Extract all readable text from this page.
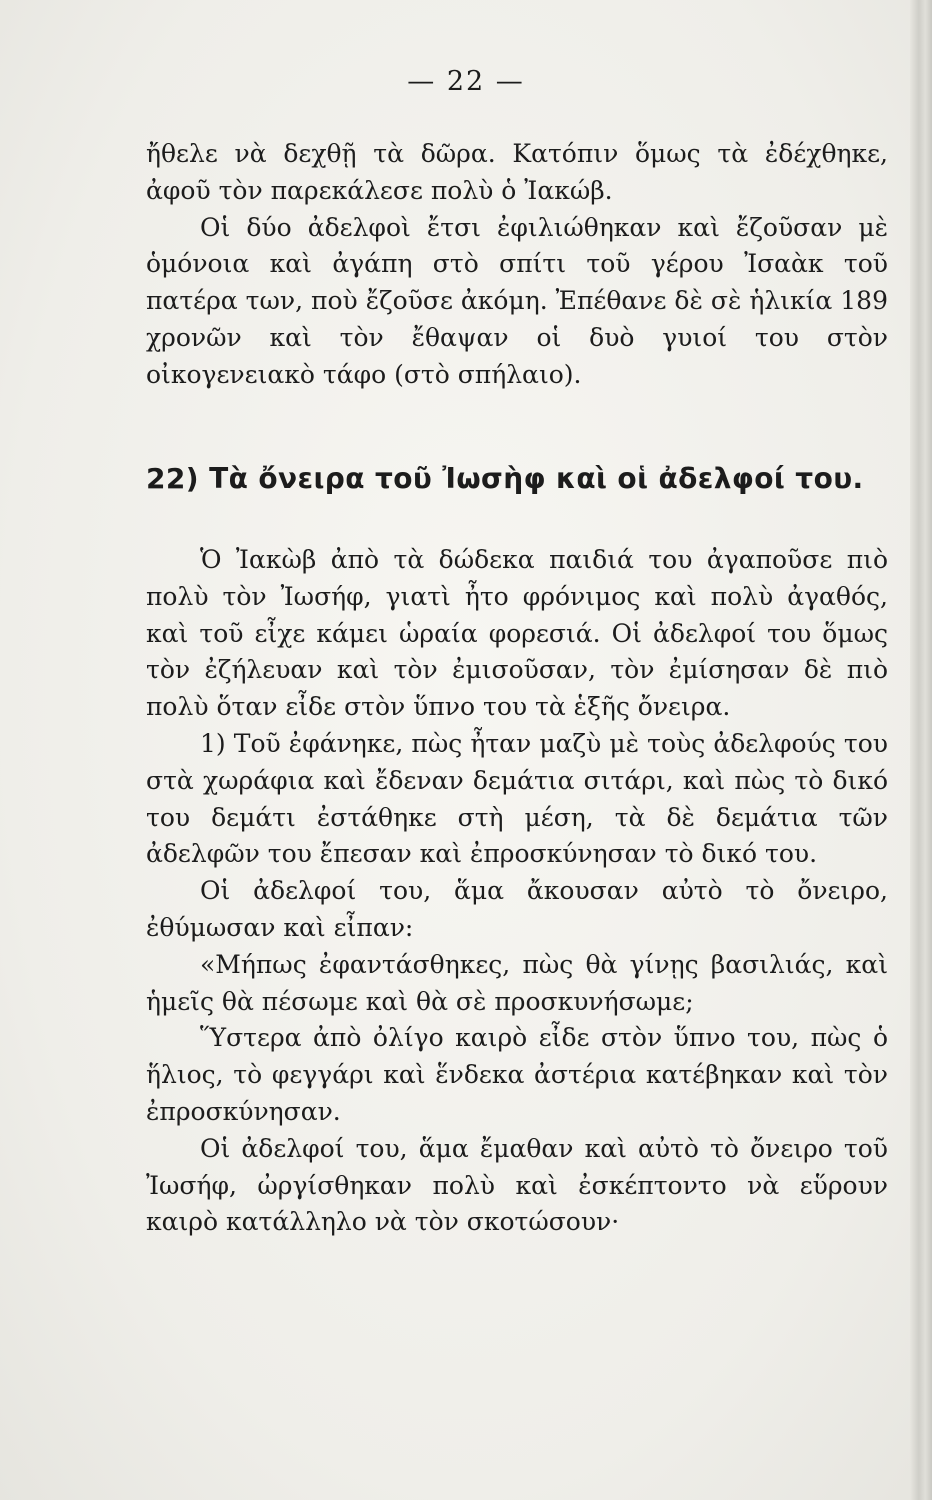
— 22 —

ἤθελε νὰ δεχθῇ τὰ δῶρα. Κατόπιν ὅμως τὰ ἐδέχθηκε, ἀφοῦ τὸν παρεκάλεσε πολὺ ὁ Ἰακώβ.

Οἱ δύο ἀδελφοὶ ἔτσι ἐφιλιώθηκαν καὶ ἔζοῦσαν μὲ ὁμόνοια καὶ ἀγάπη στὸ σπίτι τοῦ γέρου Ἰσαὰκ τοῦ πατέρα των, ποὺ ἔζοῦσε ἀκόμη. Ἐπέθανε δὲ σὲ ἡλικία 189 χρονῶν καὶ τὸν ἔθαψαν οἱ δυὸ γυιοί του στὸν οἰκογενειακὸ τάφο (στὸ σπήλαιο).

22) Τὰ ὄνειρα τοῦ Ἰωσὴφ καὶ οἱ ἀδελφοί του.

Ὁ Ἰακὼβ ἀπὸ τὰ δώδεκα παιδιά του ἀγαποῦσε πιὸ πολὺ τὸν Ἰωσήφ, γιατὶ ἦτο φρόνιμος καὶ πολὺ ἀγαθός, καὶ τοῦ εἶχε κάμει ὡραία φορεσιά. Οἱ ἀδελφοί του ὅμως τὸν ἐζήλευαν καὶ τὸν ἐμισοῦσαν, τὸν ἐμίσησαν δὲ πιὸ πολὺ ὅταν εἶδε στὸν ὕπνο του τὰ ἑξῆς ὄνειρα.

1) Τοῦ ἐφάνηκε, πὼς ἦταν μαζὺ μὲ τοὺς ἀδελφούς του στὰ χωράφια καὶ ἔδεναν δεμάτια σιτάρι, καὶ πὼς τὸ δικό του δεμάτι ἐστάθηκε στὴ μέση, τὰ δὲ δεμάτια τῶν ἀδελφῶν του ἔπεσαν καὶ ἐπροσκύνησαν τὸ δικό του.

Οἱ ἀδελφοί του, ἅμα ἄκουσαν αὐτὸ τὸ ὄνειρο, ἐθύμωσαν καὶ εἶπαν:

«Μήπως ἐφαντάσθηκες, πὼς θὰ γίνῃς βασιλιάς, καὶ ἡμεῖς θὰ πέσωμε καὶ θὰ σὲ προσκυνήσωμε;

Ὕστερα ἀπὸ ὀλίγο καιρὸ εἶδε στὸν ὕπνο του, πὼς ὁ ἥλιος, τὸ φεγγάρι καὶ ἕνδεκα ἀστέρια κατέβηκαν καὶ τὸν ἐπροσκύνησαν.

Οἱ ἀδελφοί του, ἅμα ἔμαθαν καὶ αὐτὸ τὸ ὄνειρο τοῦ Ἰωσήφ, ὠργίσθηκαν πολὺ καὶ ἐσκέπτοντο νὰ εὕρουν καιρὸ κατάλληλο νὰ τὸν σκοτώσουν·
